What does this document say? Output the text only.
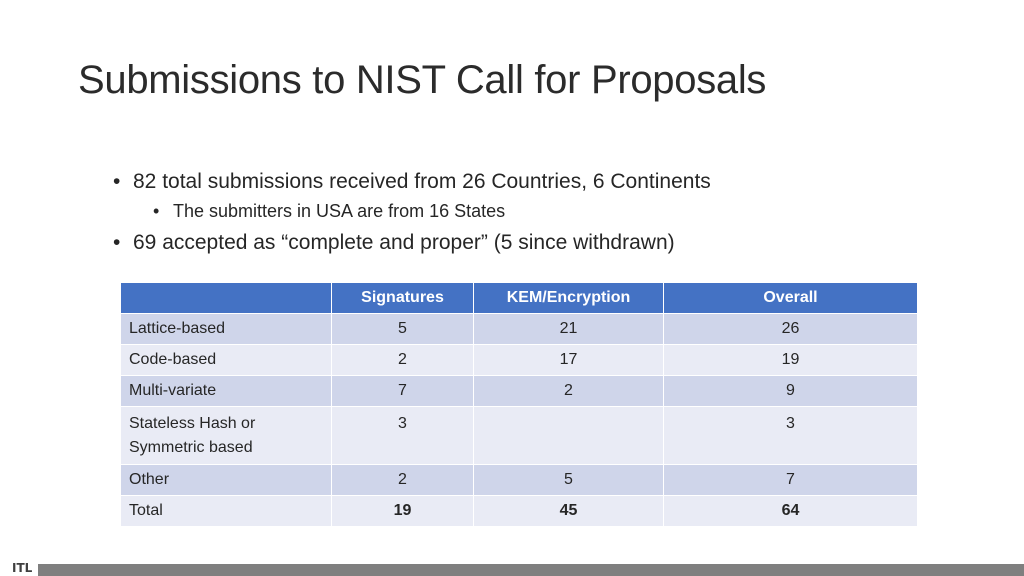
Submissions to NIST Call for Proposals
• 82 total submissions received from 26 Countries, 6 Continents
• The submitters in USA are from 16 States
• 69 accepted as “complete and proper” (5 since withdrawn)
	Signatures	KEM/Encryption	Overall
Lattice-based	5	21	26
Code-based	2	17	19
Multi-variate	7	2	9
Stateless Hash or Symmetric based	3		3
Other	2	5	7
Total	19	45	64
ITL
